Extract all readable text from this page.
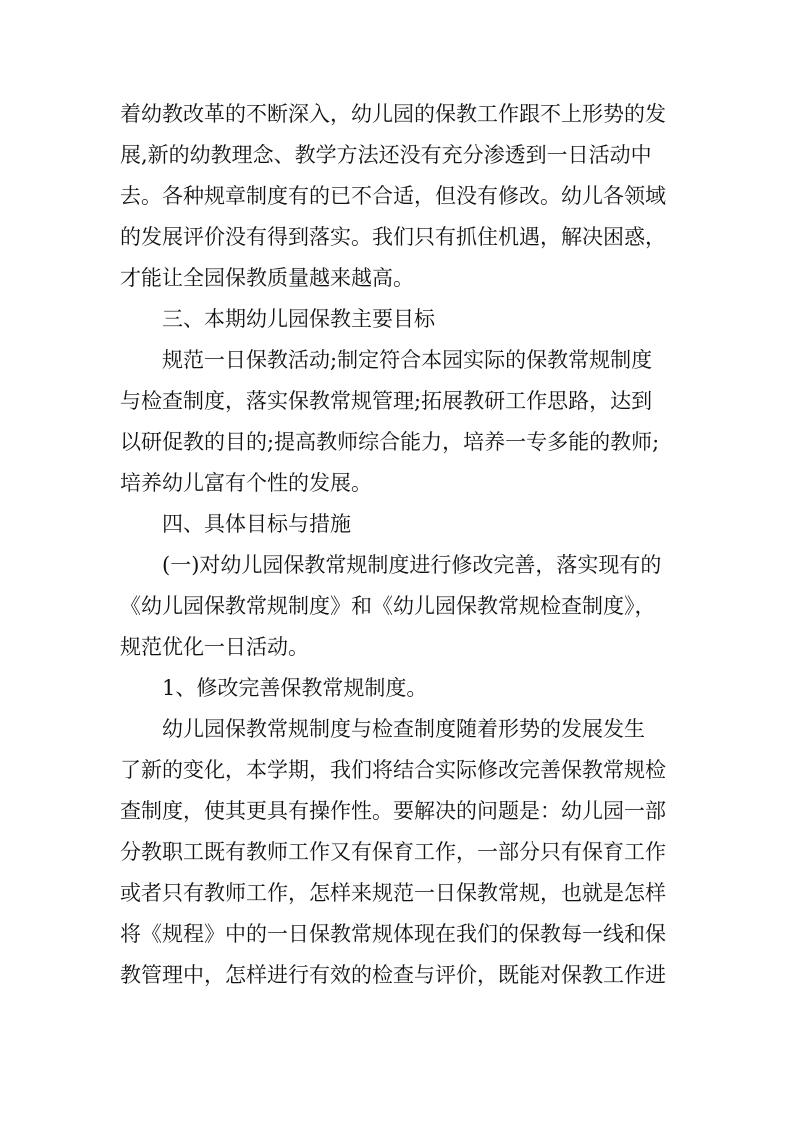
着幼教改革的不断深入，幼儿园的保教工作跟不上形势的发
展,新的幼教理念、教学方法还没有充分渗透到一日活动中
去。各种规章制度有的已不合适，但没有修改。幼儿各领域
的发展评价没有得到落实。我们只有抓住机遇，解决困惑，
才能让全园保教质量越来越高。
三、本期幼儿园保教主要目标
规范一日保教活动;制定符合本园实际的保教常规制度
与检查制度，落实保教常规管理;拓展教研工作思路，达到
以研促教的目的;提高教师综合能力，培养一专多能的教师;
培养幼儿富有个性的发展。
四、具体目标与措施
(一)对幼儿园保教常规制度进行修改完善，落实现有的
《幼儿园保教常规制度》和《幼儿园保教常规检查制度》，
规范优化一日活动。
1、修改完善保教常规制度。
幼儿园保教常规制度与检查制度随着形势的发展发生
了新的变化，本学期，我们将结合实际修改完善保教常规检
查制度，使其更具有操作性。要解决的问题是：幼儿园一部
分教职工既有教师工作又有保育工作，一部分只有保育工作
或者只有教师工作，怎样来规范一日保教常规，也就是怎样
将《规程》中的一日保教常规体现在我们的保教每一线和保
教管理中，怎样进行有效的检查与评价，既能对保教工作进
